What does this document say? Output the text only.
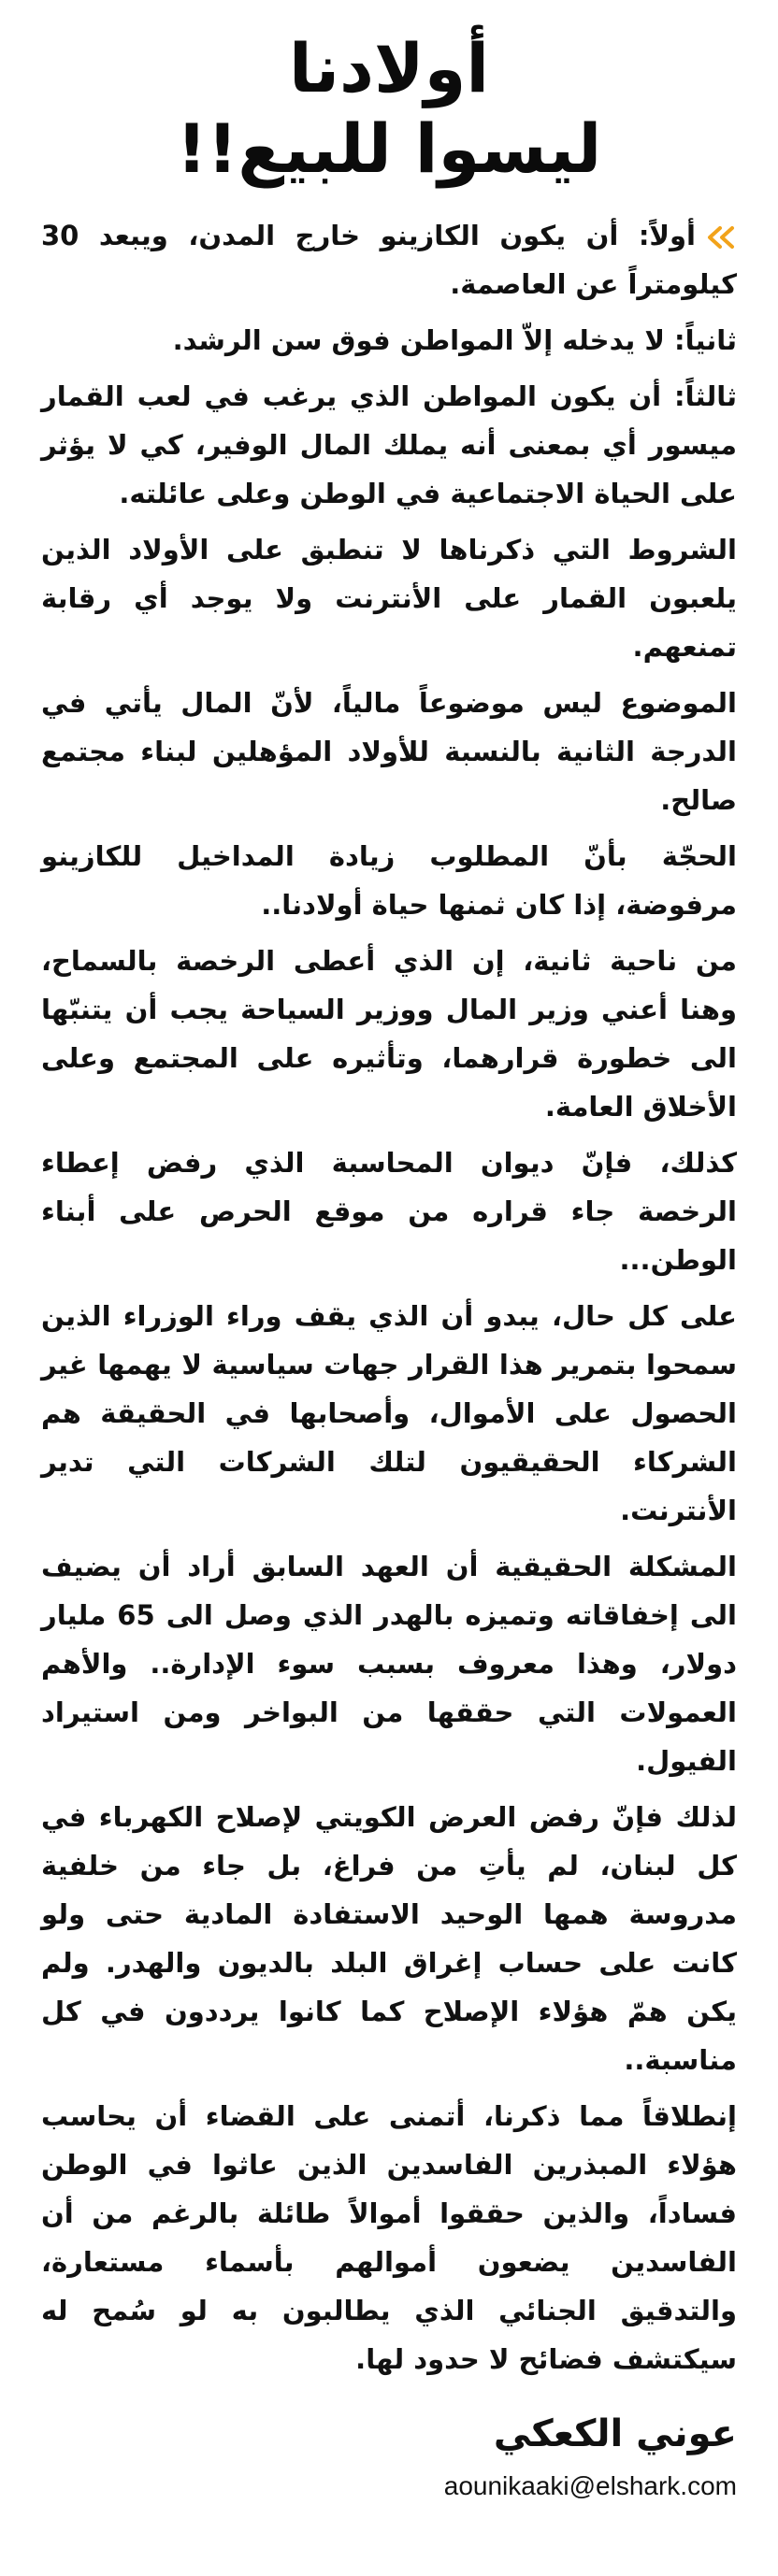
أولادنا
ليسوا للبيع!!

أولاً: أن يكون الكازينو خارج المدن، ويبعد 30 كيلومتراً عن العاصمة.

ثانياً: لا يدخله إلاّ المواطن فوق سن الرشد.

ثالثاً: أن يكون المواطن الذي يرغب في لعب القمار ميسور أي بمعنى أنه يملك المال الوفير، كي لا يؤثر على الحياة الاجتماعية في الوطن وعلى عائلته.

الشروط التي ذكرناها لا تنطبق على الأولاد الذين يلعبون القمار على الأنترنت ولا يوجد أي رقابة تمنعهم.

الموضوع ليس موضوعاً مالياً، لأنّ المال يأتي في الدرجة الثانية بالنسبة للأولاد المؤهلين لبناء مجتمع صالح.

الحجّة بأنّ المطلوب زيادة المداخيل للكازينو مرفوضة، إذا كان ثمنها حياة أولادنا..

من ناحية ثانية، إن الذي أعطى الرخصة بالسماح، وهنا أعني وزير المال ووزير السياحة يجب أن يتنبّها الى خطورة قرارهما، وتأثيره على المجتمع وعلى الأخلاق العامة.

كذلك، فإنّ ديوان المحاسبة الذي رفض إعطاء الرخصة جاء قراره من موقع الحرص على أبناء الوطن...

على كل حال، يبدو أن الذي يقف وراء الوزراء الذين سمحوا بتمرير هذا القرار جهات سياسية لا يهمها غير الحصول على الأموال، وأصحابها في الحقيقة هم الشركاء الحقيقيون لتلك الشركات التي تدير الأنترنت.

المشكلة الحقيقية أن العهد السابق أراد أن يضيف الى إخفاقاته وتميزه بالهدر الذي وصل الى 65 مليار دولار، وهذا معروف بسبب سوء الإدارة.. والأهم العمولات التي حققها من البواخر ومن استيراد الفيول.

لذلك فإنّ رفض العرض الكويتي لإصلاح الكهرباء في كل لبنان، لم يأتِ من فراغ، بل جاء من خلفية مدروسة همها الوحيد الاستفادة المادية حتى ولو كانت على حساب إغراق البلد بالديون والهدر. ولم يكن همّ هؤلاء الإصلاح كما كانوا يرددون في كل مناسبة..

إنطلاقاً مما ذكرنا، أتمنى على القضاء أن يحاسب هؤلاء المبذرين الفاسدين الذين عاثوا في الوطن فساداً، والذين حققوا أموالاً طائلة بالرغم من أن الفاسدين يضعون أموالهم بأسماء مستعارة، والتدقيق الجنائي الذي يطالبون به لو سُمح له سيكتشف فضائح لا حدود لها.

عوني الكعكي
aounikaaki@elshark.com
